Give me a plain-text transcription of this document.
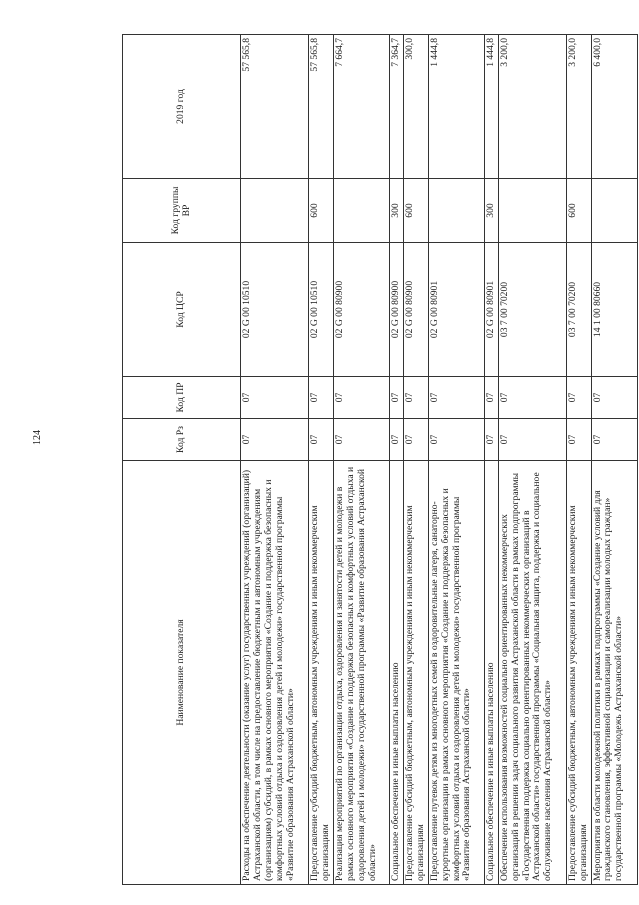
124
Наименование показателя	Код Рз	Код ПР	Код ЦСР	Код группы ВР	2019 год
Расходы на обеспечение деятельности (оказание услуг) государственных учреждений (организаций) Астраханской области, в том числе на предоставление бюджетным и автономным учреждениям (организациям) субсидий, в рамках основного мероприятия «Создание и поддержка безопасных и комфортных условий отдыха и оздоровления детей и молодежи» государственной программы «Развитие образования Астраханской области»	07	07	02 G 00 10510		57 565,8
Предоставление субсидий бюджетным, автономным учреждениям и иным некоммерческим организациям	07	07	02 G 00 10510	600	57 565,8
Реализация мероприятий по организации отдыха, оздоровления и занятости детей и молодежи в рамках основного мероприятия «Создание и поддержка безопасных и комфортных условий отдыха и оздоровления детей и молодежи» государственной программы «Развитие образования Астраханской области»	07	07	02 G 00 80900		7 664,7
Социальное обеспечение и иные выплаты населению	07	07	02 G 00 80900	300	7 364,7
Предоставление субсидий бюджетным, автономным учреждениям и иным некоммерческим организациям	07	07	02 G 00 80900	600	300,0
Предоставление путевок детям из многодетных семей в оздоровительные лагеря, санаторно-курортные организации в рамках основного мероприятия «Создание и поддержка безопасных и комфортных условий отдыха и оздоровления детей и молодежи» государственной программы «Развитие образования Астраханской области»	07	07	02 G 00 80901		1 444,8
Социальное обеспечение и иные выплаты населению	07	07	02 G 00 80901	300	1 444,8
Обеспечение использования возможностей социально ориентированных некоммерческих организаций в решении задач социального развития Астраханской области в рамках подпрограммы «Государственная поддержка социально ориентированных некоммерческих организаций в Астраханской области» государственной программы «Социальная защита, поддержка и социальное обслуживание населения Астраханской области»	07	07	03 7 00 70200		3 200,0
Предоставление субсидий бюджетным, автономным учреждениям и иным некоммерческим организациям	07	07	03 7 00 70200	600	3 200,0
Мероприятия в области молодежной политики в рамках подпрограммы «Создание условий для гражданского становления, эффективной социализации и самореализации молодых граждан» государственной программы «Молодежь Астраханской области»	07	07	14 1 00 80660		6 400,0
